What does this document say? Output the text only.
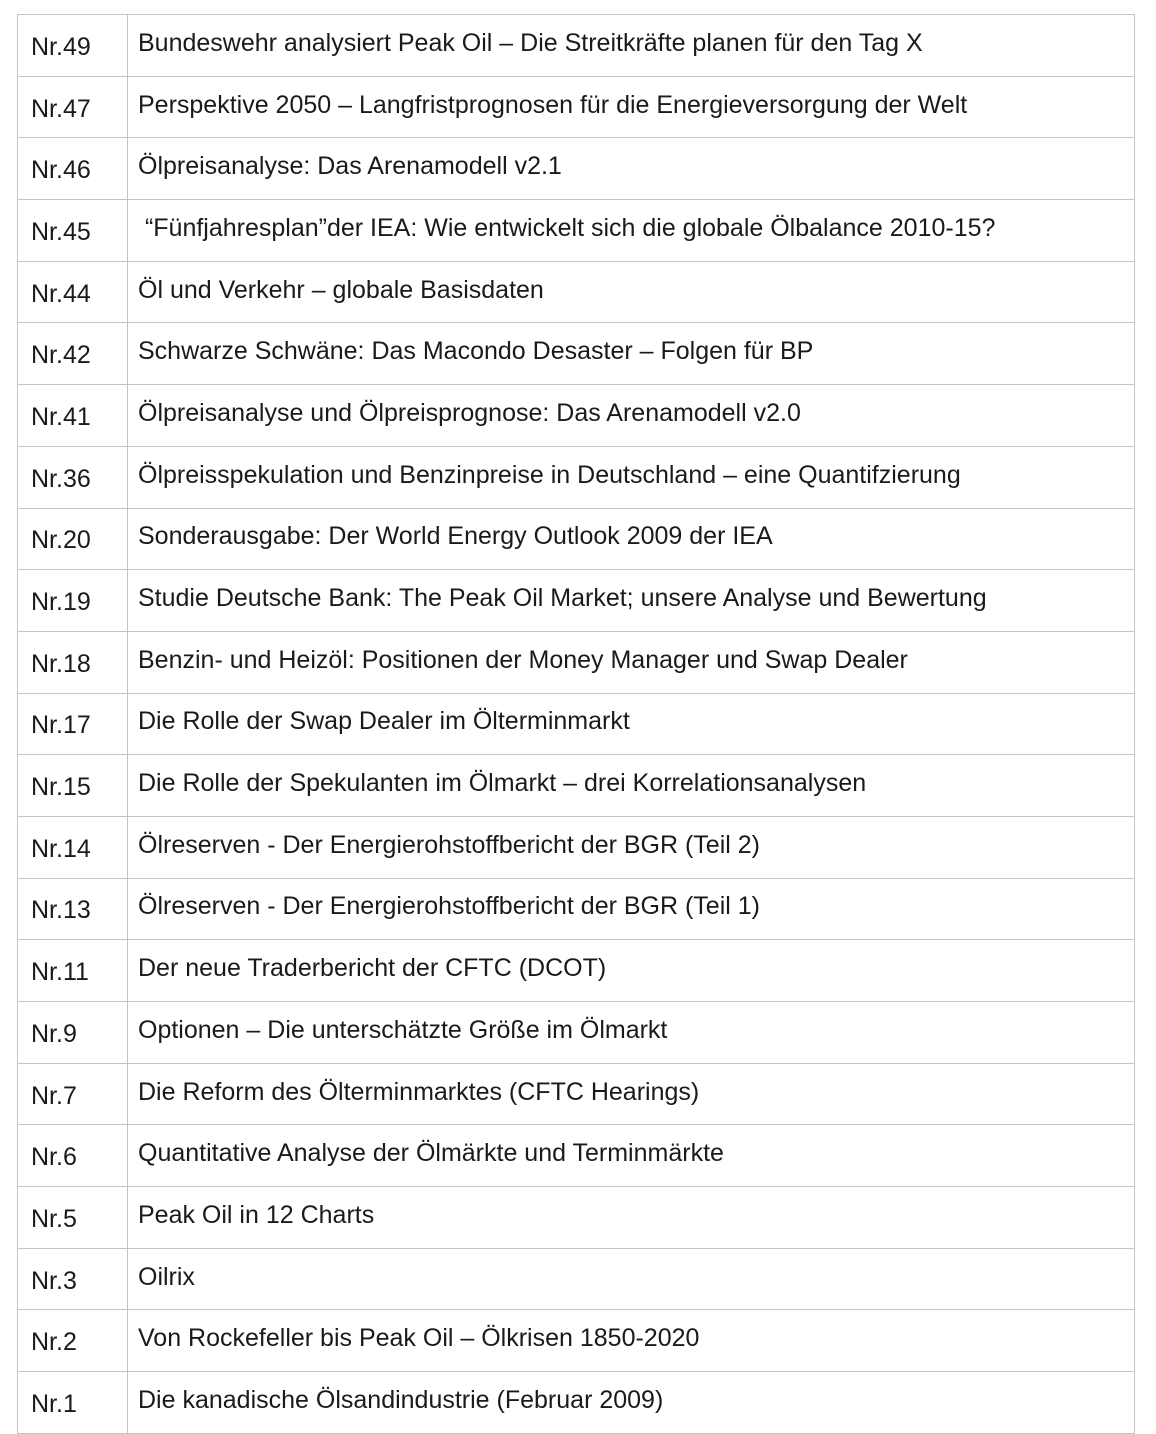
Nr.49	Bundeswehr analysiert Peak Oil – Die Streitkräfte planen für den Tag X
Nr.47	Perspektive 2050 – Langfristprognosen für die Energieversorgung der Welt
Nr.46	Ölpreisanalyse: Das Arenamodell v2.1
Nr.45	“Fünfjahresplan”der IEA: Wie entwickelt sich die globale Ölbalance 2010-15?
Nr.44	Öl und Verkehr – globale Basisdaten
Nr.42	Schwarze Schwäne: Das Macondo Desaster – Folgen für BP
Nr.41	Ölpreisanalyse und Ölpreisprognose: Das Arenamodell v2.0
Nr.36	Ölpreisspekulation und Benzinpreise in Deutschland – eine Quantifzierung
Nr.20	Sonderausgabe: Der World Energy Outlook 2009 der IEA
Nr.19	Studie Deutsche Bank: The Peak Oil Market; unsere Analyse und Bewertung
Nr.18	Benzin- und Heizöl: Positionen der Money Manager und Swap Dealer
Nr.17	Die Rolle der Swap Dealer im Ölterminmarkt
Nr.15	Die Rolle der Spekulanten im Ölmarkt – drei Korrelationsanalysen
Nr.14	Ölreserven - Der Energierohstoffbericht der BGR (Teil 2)
Nr.13	Ölreserven - Der Energierohstoffbericht der BGR (Teil 1)
Nr.11	Der neue Traderbericht der CFTC (DCOT)
Nr.9	Optionen – Die unterschätzte Größe im Ölmarkt
Nr.7	Die Reform des Ölterminmarktes (CFTC Hearings)
Nr.6	Quantitative Analyse der Ölmärkte und Terminmärkte
Nr.5	Peak Oil in 12 Charts
Nr.3	Oilrix
Nr.2	Von Rockefeller bis Peak Oil – Ölkrisen 1850-2020
Nr.1	Die kanadische Ölsandindustrie (Februar 2009)
